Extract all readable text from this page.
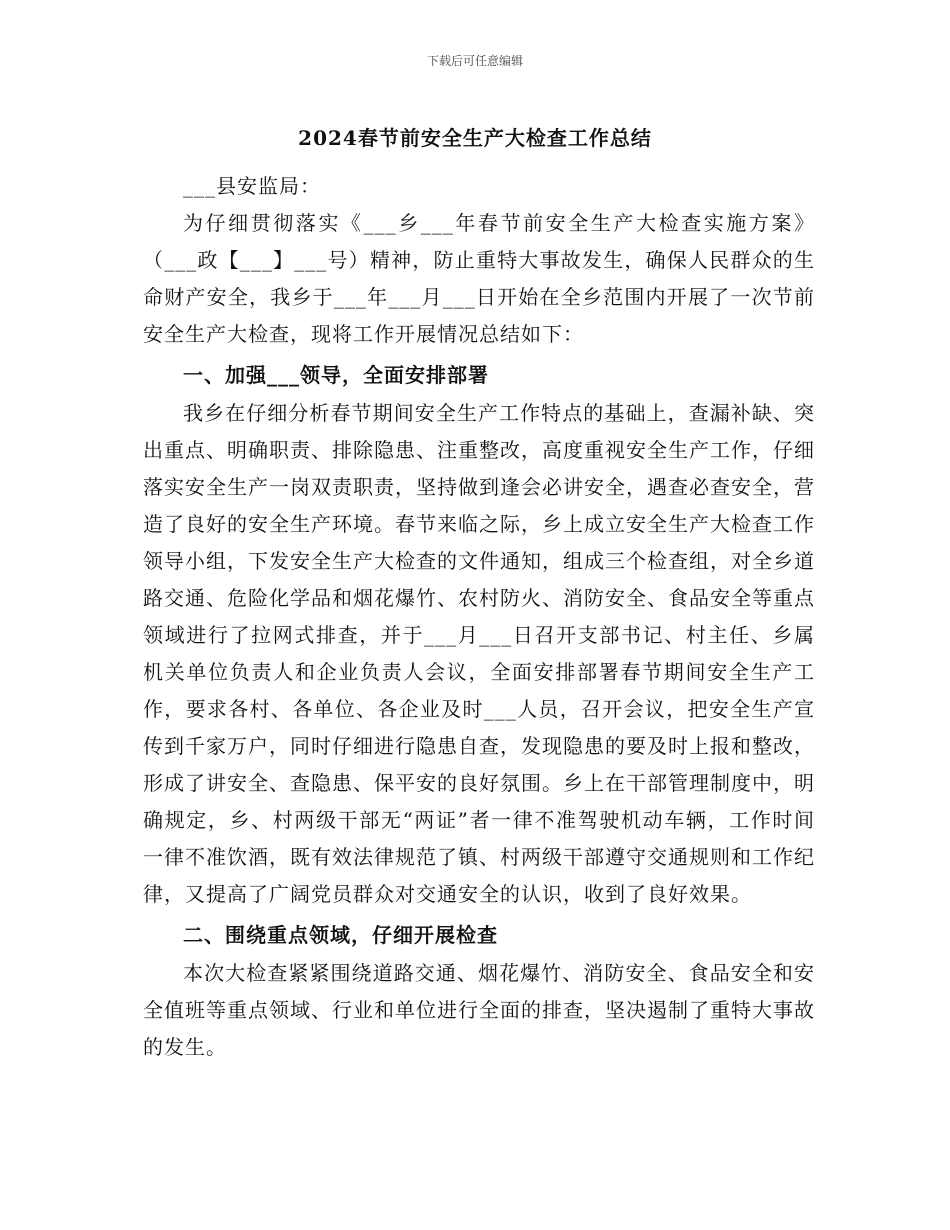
下载后可任意编辑
2024春节前安全生产大检查工作总结

___县安监局：

为仔细贯彻落实《___乡___年春节前安全生产大检查实施方案》（___政【___】___号）精神，防止重特大事故发生，确保人民群众的生命财产安全，我乡于___年___月___日开始在全乡范围内开展了一次节前安全生产大检查，现将工作开展情况总结如下：

一、加强___领导，全面安排部署

我乡在仔细分析春节期间安全生产工作特点的基础上，查漏补缺、突出重点、明确职责、排除隐患、注重整改，高度重视安全生产工作，仔细落实安全生产一岗双责职责，坚持做到逢会必讲安全，遇查必查安全，营造了良好的安全生产环境。春节来临之际，乡上成立安全生产大检查工作领导小组，下发安全生产大检查的文件通知，组成三个检查组，对全乡道路交通、危险化学品和烟花爆竹、农村防火、消防安全、食品安全等重点领域进行了拉网式排查，并于___月___日召开支部书记、村主任、乡属机关单位负责人和企业负责人会议，全面安排部署春节期间安全生产工作，要求各村、各单位、各企业及时___人员，召开会议，把安全生产宣传到千家万户，同时仔细进行隐患自查，发现隐患的要及时上报和整改，形成了讲安全、查隐患、保平安的良好氛围。乡上在干部管理制度中，明确规定，乡、村两级干部无“两证”者一律不准驾驶机动车辆，工作时间一律不准饮酒，既有效法律规范了镇、村两级干部遵守交通规则和工作纪律，又提高了广阔党员群众对交通安全的认识，收到了良好效果。

二、围绕重点领域，仔细开展检查

本次大检查紧紧围绕道路交通、烟花爆竹、消防安全、食品安全和安全值班等重点领域、行业和单位进行全面的排查，坚决遏制了重特大事故的发生。
